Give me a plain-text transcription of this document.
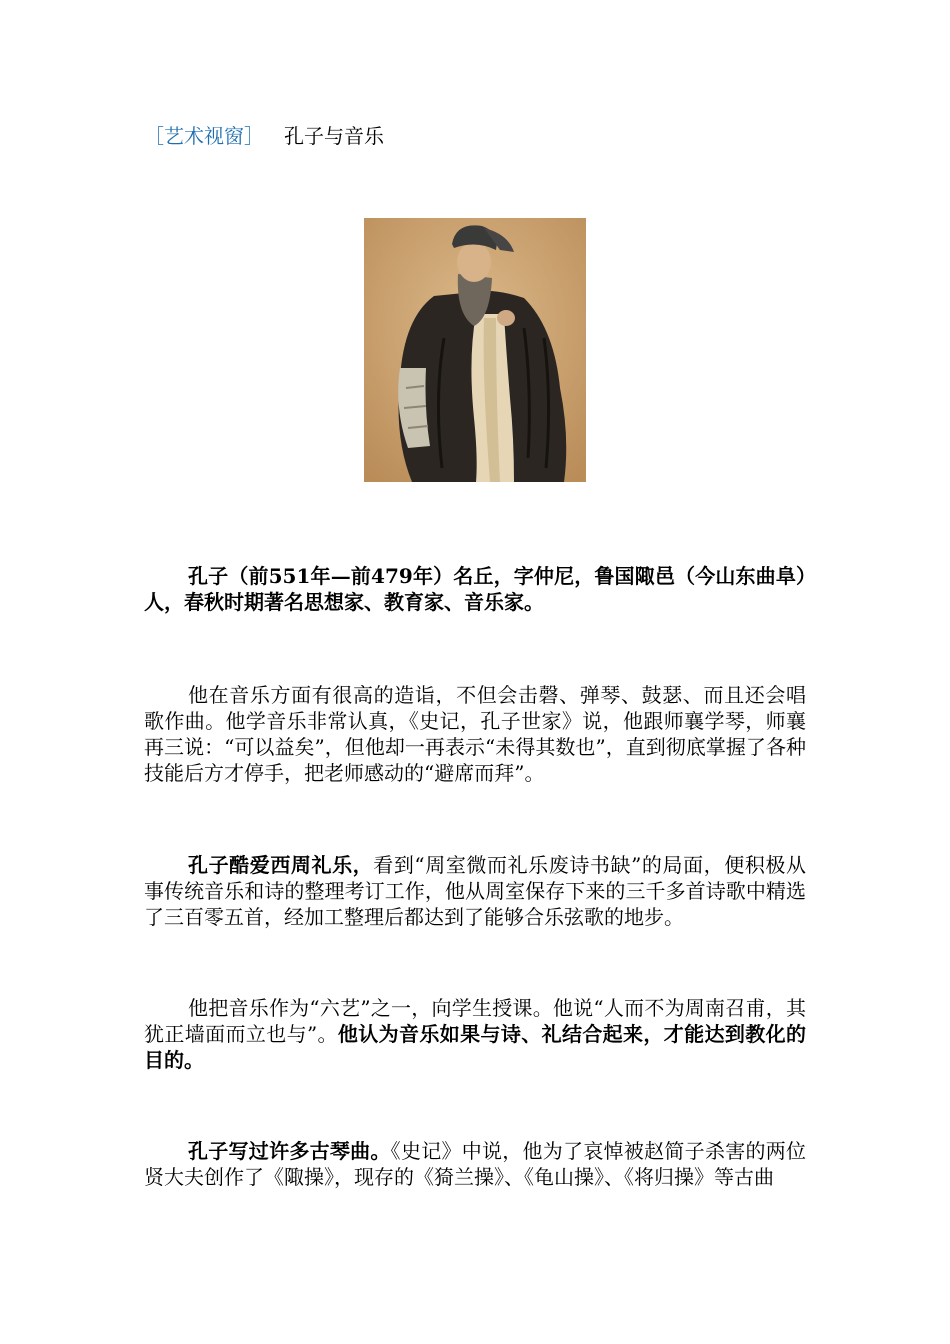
［艺术视窗］ 孔子与音乐
孔子（前551年—前479年）名丘，字仲尼，鲁国陬邑（今山东曲阜）人，春秋时期著名思想家、教育家、音乐家。
他在音乐方面有很高的造诣，不但会击磬、弹琴、鼓瑟、而且还会唱歌作曲。他学音乐非常认真，《史记，孔子世家》说，他跟师襄学琴，师襄再三说：“可以益矣”，但他却一再表示“未得其数也”，直到彻底掌握了各种技能后方才停手，把老师感动的“避席而拜”。
孔子酷爱西周礼乐，看到“周室微而礼乐废诗书缺”的局面，便积极从事传统音乐和诗的整理考订工作，他从周室保存下来的三千多首诗歌中精选了三百零五首，经加工整理后都达到了能够合乐弦歌的地步。
他把音乐作为“六艺”之一，向学生授课。他说“人而不为周南召甫，其犹正墙面而立也与”。他认为音乐如果与诗、礼结合起来，才能达到教化的目的。
孔子写过许多古琴曲。《史记》中说，他为了哀悼被赵简子杀害的两位贤大夫创作了《陬操》，现存的《猗兰操》、《龟山操》、《将归操》等古曲
